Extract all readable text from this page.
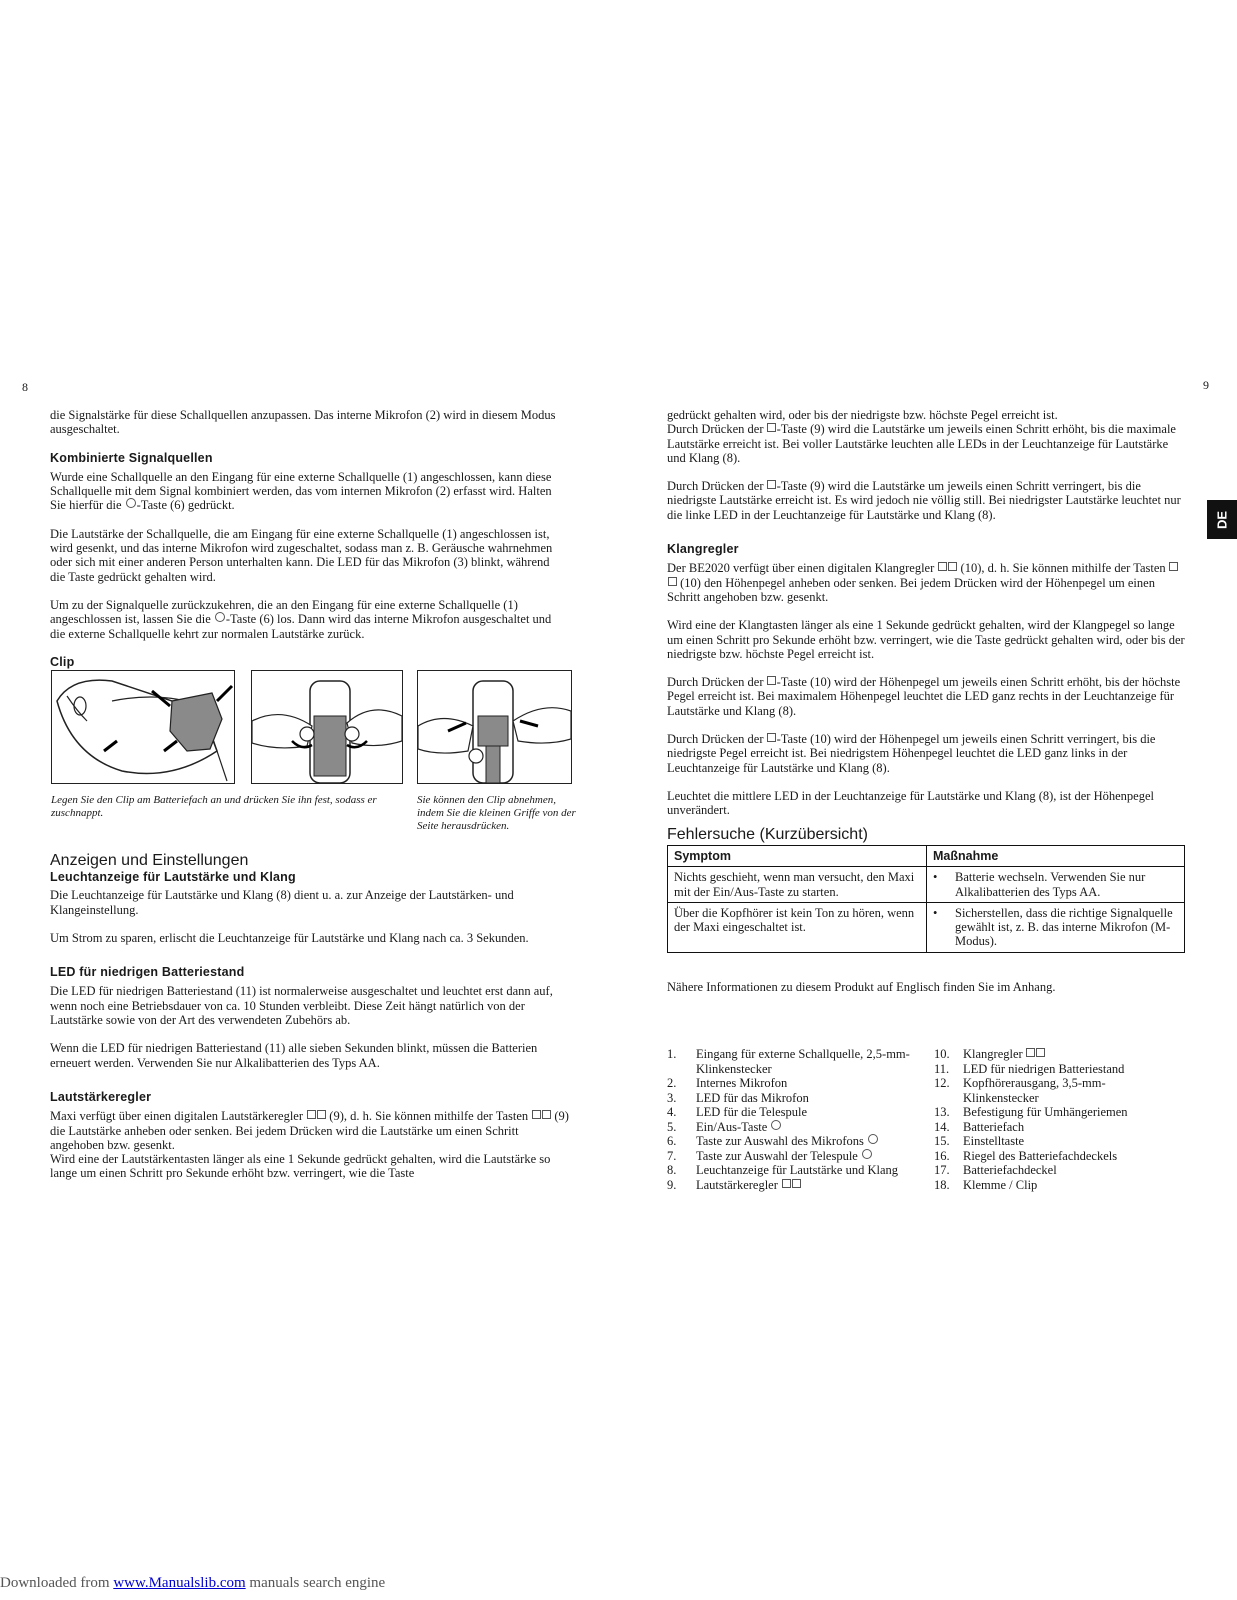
8	9
DE

die Signalstärke für diese Schallquellen anzupassen. Das interne Mikrofon (2) wird in diesem Modus ausgeschaltet.

Kombinierte Signalquellen

Wurde eine Schallquelle an den Eingang für eine externe Schallquelle (1) angeschlossen, kann diese Schallquelle mit dem Signal kombiniert werden, das vom internen Mikrofon (2) erfasst wird. Halten Sie hierfür die -Taste (6) gedrückt.

Die Lautstärke der Schallquelle, die am Eingang für eine externe Schallquelle (1) angeschlossen ist, wird gesenkt, und das interne Mikrofon wird zugeschaltet, sodass man z. B. Geräusche wahrnehmen oder sich mit einer anderen Person unterhalten kann. Die LED für das Mikrofon (3) blinkt, während die Taste gedrückt gehalten wird.

Um zu der Signalquelle zurückzukehren, die an den Eingang für eine externe Schallquelle (1) angeschlossen ist, lassen Sie die -Taste (6) los. Dann wird das interne Mikrofon ausgeschaltet und die externe Schallquelle kehrt zur normalen Lautstärke zurück.

Clip
Legen Sie den Clip am Batteriefach an und drücken Sie ihn fest, sodass er zuschnappt.
Sie können den Clip abnehmen, indem Sie die kleinen Griffe von der Seite herausdrücken.
Anzeigen und Einstellungen
Leuchtanzeige für Lautstärke und Klang

Die Leuchtanzeige für Lautstärke und Klang (8) dient u. a. zur Anzeige der Lautstärken- und Klangeinstellung.

Um Strom zu sparen, erlischt die Leuchtanzeige für Lautstärke und Klang nach ca. 3 Sekunden.

LED für niedrigen Batteriestand

Die LED für niedrigen Batteriestand (11) ist normalerweise ausgeschaltet und leuchtet erst dann auf, wenn noch eine Betriebsdauer von ca. 10 Stunden verbleibt. Diese Zeit hängt natürlich von der Lautstärke sowie von der Art des verwendeten Zubehörs ab.

Wenn die LED für niedrigen Batteriestand (11) alle sieben Sekunden blinkt, müssen die Batterien erneuert werden. Verwenden Sie nur Alkalibatterien des Typs AA.

Lautstärkeregler

Maxi verfügt über einen digitalen Lautstärkeregler  (9), d. h. Sie können mithilfe der Tasten  (9) die Lautstärke anheben oder senken. Bei jedem Drücken wird die Lautstärke um einen Schritt angehoben bzw. gesenkt.

Wird eine der Lautstärkentasten länger als eine 1 Sekunde gedrückt gehalten, wird die Lautstärke so lange um einen Schritt pro Sekunde erhöht bzw. verringert, wie die Taste

gedrückt gehalten wird, oder bis der niedrigste bzw. höchste Pegel erreicht ist.

Durch Drücken der -Taste (9) wird die Lautstärke um jeweils einen Schritt erhöht, bis die maximale Lautstärke erreicht ist. Bei voller Lautstärke leuchten alle LEDs in der Leuchtanzeige für Lautstärke und Klang (8).

Durch Drücken der -Taste (9) wird die Lautstärke um jeweils einen Schritt verringert, bis die niedrigste Lautstärke erreicht ist. Es wird jedoch nie völlig still. Bei niedrigster Lautstärke leuchtet nur die linke LED in der Leuchtanzeige für Lautstärke und Klang (8).

Klangregler

Der BE2020 verfügt über einen digitalen Klangregler  (10), d. h. Sie können mithilfe der Tasten  (10) den Höhenpegel anheben oder senken. Bei jedem Drücken wird der Höhenpegel um einen Schritt angehoben bzw. gesenkt.

Wird eine der Klangtasten länger als eine 1 Sekunde gedrückt gehalten, wird der Klangpegel so lange um einen Schritt pro Sekunde erhöht bzw. verringert, wie die Taste gedrückt gehalten wird, oder bis der niedrigste bzw. höchste Pegel erreicht ist.

Durch Drücken der -Taste (10) wird der Höhenpegel um jeweils einen Schritt erhöht, bis der höchste Pegel erreicht ist. Bei maximalem Höhenpegel leuchtet die LED ganz rechts in der Leuchtanzeige für Lautstärke und Klang (8).

Durch Drücken der -Taste (10) wird der Höhenpegel um jeweils einen Schritt verringert, bis die niedrigste Pegel erreicht ist. Bei niedrigstem Höhenpegel leuchtet die LED ganz links in der Leuchtanzeige für Lautstärke und Klang (8).

Leuchtet die mittlere LED in der Leuchtanzeige für Lautstärke und Klang (8), ist der Höhenpegel unverändert.

Fehlersuche (Kurzübersicht)
Symptom	Maßnahme
Nichts geschieht, wenn man versucht, den Maxi mit der Ein/Aus-Taste zu starten.	• Batterie wechseln. Verwenden Sie nur Alkalibatterien des Typs AA.

Über die Kopfhörer ist kein Ton zu hören, wenn der Maxi eingeschaltet ist.	• Sicherstellen, dass die richtige Signalquelle gewählt ist, z. B. das interne Mikrofon (M-Modus).
Nähere Informationen zu diesem Produkt auf Englisch finden Sie im Anhang.
1. Eingang für externe Schallquelle, 2,5-mm-Klinkenstecker
2. Internes Mikrofon
3. LED für das Mikrofon
4. LED für die Telespule
5. Ein/Aus-Taste
6. Taste zur Auswahl des Mikrofons
7. Taste zur Auswahl der Telespule
8. Leuchtanzeige für Lautstärke und Klang
9. Lautstärkeregler
10. Klangregler
11. LED für niedrigen Batteriestand
12. Kopfhörerausgang, 3,5-mm-Klinkenstecker
13. Befestigung für Umhängeriemen
14. Batteriefach
15. Einstelltaste
16. Riegel des Batteriefachdeckels
17. Batteriefachdeckel
18. Klemme / Clip
Downloaded from www.Manualslib.com manuals search engine
